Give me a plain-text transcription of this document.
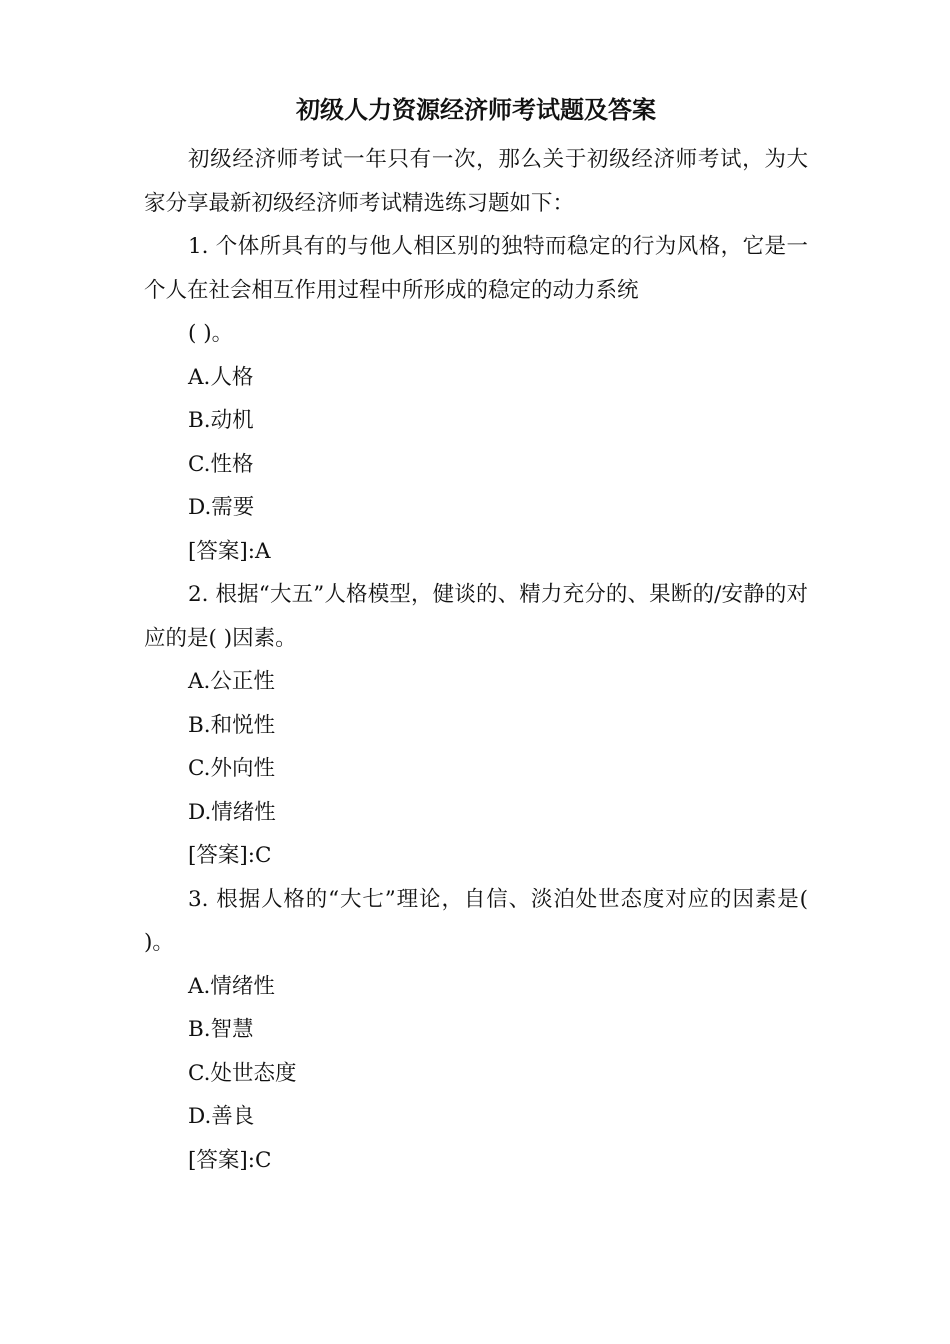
初级人力资源经济师考试题及答案

初级经济师考试一年只有一次，那么关于初级经济师考试，为大家分享最新初级经济师考试精选练习题如下：

1. 个体所具有的与他人相区别的独特而稳定的行为风格，它是一个人在社会相互作用过程中所形成的稳定的动力系统

( )。

A.人格

B.动机

C.性格

D.需要

[答案]:A

2. 根据“大五”人格模型，健谈的、精力充分的、果断的/安静的对应的是( )因素。

A.公正性

B.和悦性

C.外向性

D.情绪性

[答案]:C

3. 根据人格的“大七”理论，自信、淡泊处世态度对应的因素是( )。

A.情绪性

B.智慧

C.处世态度

D.善良

[答案]:C
